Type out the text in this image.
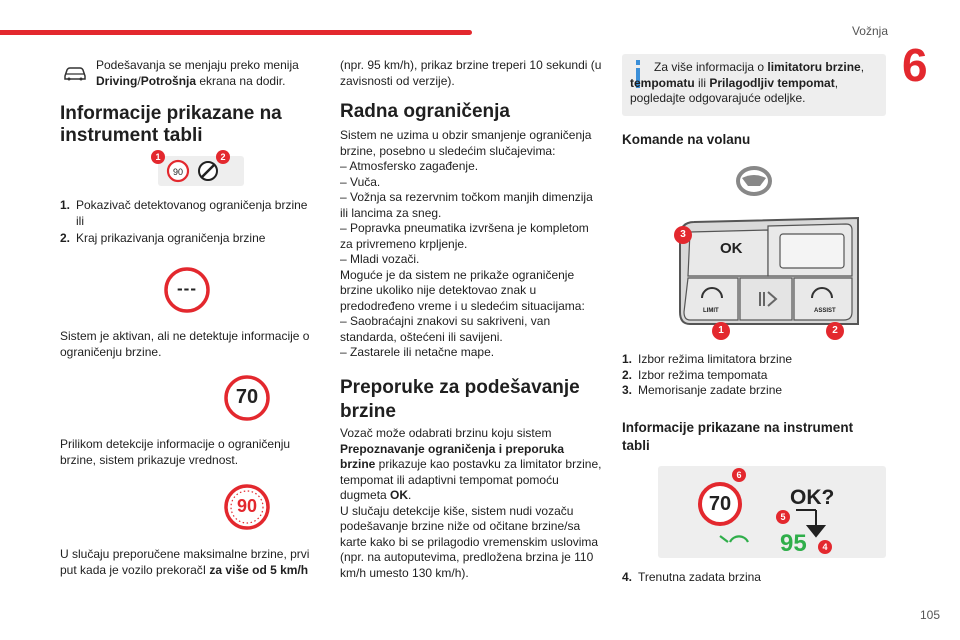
Vožnja
6
105

Podešavanja se menjaju preko menija Driving/Potrošnja ekrana na dodir.

Informacije prikazane na
instrument tabli
90
1	2
1. Pokazivač detektovanog ograničenja brzine ili
2. Kraj prikazivanja ograničenja brzine
---

Sistem je aktivan, ali ne detektuje informacije o ograničenju brzine.

70

Prilikom detekcije informacije o ograničenju brzine, sistem prikazuje vrednost.

90

U slučaju preporučene maksimalne brzine, prvi put kada je vozilo prekoračI za više od 5 km/h

(npr. 95 km/h), prikaz brzine treperi 10 sekundi (u zavisnosti od verzije).

Radna ograničenja

Sistem ne uzima u obzir smanjenje ograničenja brzine, posebno u sledećim slučajevima:

– Atmosfersko zagađenje.

– Vuča.

– Vožnja sa rezervnim točkom manjih dimenzija ili lancima za sneg.

– Popravka pneumatika izvršena je kompletom za privremeno krpljenje.

– Mladi vozači.

Moguće je da sistem ne prikaže ograničenje brzine ukoliko nije detektovao znak u predodređeno vreme i u sledećim situacijama:

– Saobraćajni znakovi su sakriveni, van standarda, oštećeni ili savijeni.

– Zastarele ili netačne mape.

Preporuke za podešavanje
brzine

Vozač može odabrati brzinu koju sistem Prepoznavanje ograničenja i preporuka brzine prikazuje kao postavku za limitator brzine, tempomat ili adaptivni tempomat pomoću dugmeta OK.

U slučaju detekcije kiše, sistem nudi vozaču podešavanje brzine niže od očitane brzine/sa karte kako bi se prilagodio vremenskim uslovima (npr. na autoputevima, predložena brzina je 110 km/h umesto 130 km/h).

Za više informacija o limitatoru brzine, tempomatu ili Prilagodljiv tempomat, pogledajte odgovarajuće odeljke.

Komande na volanu
OK
LIMIT	ASSIST
3
1	2
1. Izbor režima limitatora brzine
2. Izbor režima tempomata
3. Memorisanje zadate brzine
Informacije prikazane na instrument
tabli
70	OK?
95
6
5
4
4. Trenutna zadata brzina
